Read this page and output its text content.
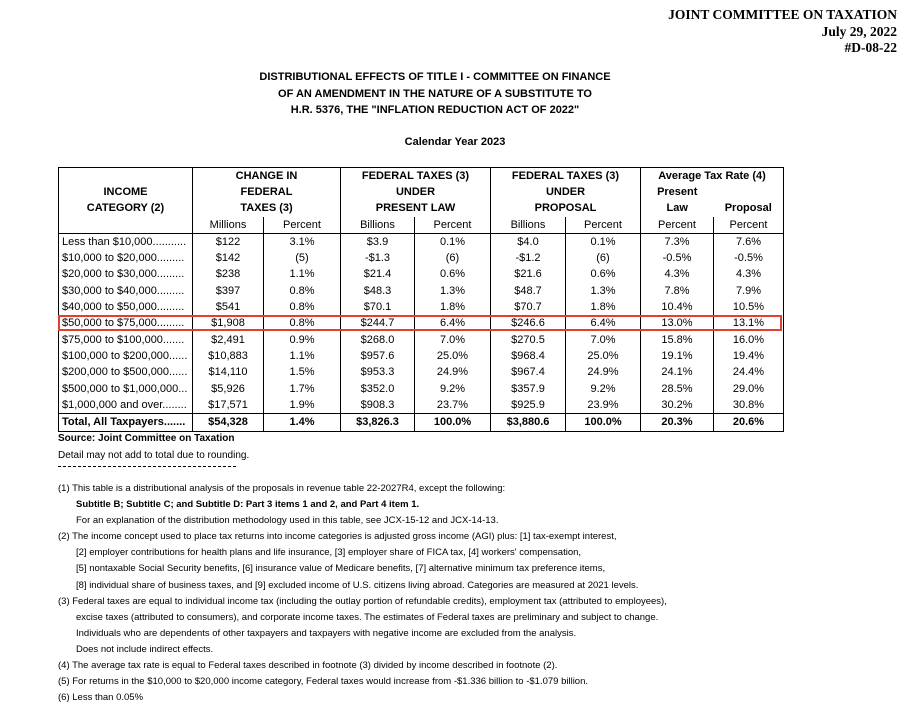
JOINT COMMITTEE ON TAXATION
July 29, 2022
#D-08-22
DISTRIBUTIONAL EFFECTS OF TITLE I - COMMITTEE ON FINANCE
OF AN AMENDMENT IN THE NATURE OF A SUBSTITUTE TO
H.R. 5376, THE "INFLATION REDUCTION ACT OF 2022"
Calendar Year 2023
	CHANGE IN		FEDERAL TAXES (3)		FEDERAL TAXES (3)		Average Tax Rate (4)	
INCOME	FEDERAL		UNDER		UNDER		Present	
CATEGORY (2)	TAXES (3)		PRESENT LAW		PROPOSAL		Law	Proposal
	Millions	Percent	Billions	Percent	Billions	Percent	Percent	Percent
Less than $10,000...........	$122	3.1%	$3.9	0.1%	$4.0	0.1%	7.3%	7.6%
$10,000 to $20,000.........	$142	(5)	-$1.3	(6)	-$1.2	(6)	-0.5%	-0.5%
$20,000 to $30,000.........	$238	1.1%	$21.4	0.6%	$21.6	0.6%	4.3%	4.3%
$30,000 to $40,000.........	$397	0.8%	$48.3	1.3%	$48.7	1.3%	7.8%	7.9%
$40,000 to $50,000.........	$541	0.8%	$70.1	1.8%	$70.7	1.8%	10.4%	10.5%
$50,000 to $75,000.........	$1,908	0.8%	$244.7	6.4%	$246.6	6.4%	13.0%	13.1%
$75,000 to $100,000.......	$2,491	0.9%	$268.0	7.0%	$270.5	7.0%	15.8%	16.0%
$100,000 to $200,000......	$10,883	1.1%	$957.6	25.0%	$968.4	25.0%	19.1%	19.4%
$200,000 to $500,000......	$14,110	1.5%	$953.3	24.9%	$967.4	24.9%	24.1%	24.4%
$500,000 to $1,000,000...	$5,926	1.7%	$352.0	9.2%	$357.9	9.2%	28.5%	29.0%
$1,000,000 and over........	$17,571	1.9%	$908.3	23.7%	$925.9	23.9%	30.2%	30.8%
Total, All Taxpayers.......	$54,328	1.4%	$3,826.3	100.0%	$3,880.6	100.0%	20.3%	20.6%
Source: Joint Committee on Taxation
Detail may not add to total due to rounding.
(1) This table is a distributional analysis of the proposals in revenue table 22-2027R4, except the following:
Subtitle B; Subtitle C; and Subtitle D: Part 3 items 1 and 2, and Part 4 item 1.
For an explanation of the distribution methodology used in this table, see JCX-15-12 and JCX-14-13.
(2) The income concept used to place tax returns into income categories is adjusted gross income (AGI) plus: [1] tax-exempt interest,
[2] employer contributions for health plans and life insurance, [3] employer share of FICA tax, [4] workers' compensation,
[5] nontaxable Social Security benefits, [6] insurance value of Medicare benefits, [7] alternative minimum tax preference items,
[8] individual share of business taxes, and [9] excluded income of U.S. citizens living abroad. Categories are measured at 2021 levels.
(3) Federal taxes are equal to individual income tax (including the outlay portion of refundable credits), employment tax (attributed to employees),
excise taxes (attributed to consumers), and corporate income taxes. The estimates of Federal taxes are preliminary and subject to change.
Individuals who are dependents of other taxpayers and taxpayers with negative income are excluded from the analysis.
Does not include indirect effects.
(4) The average tax rate is equal to Federal taxes described in footnote (3) divided by income described in footnote (2).
(5) For returns in the $10,000 to $20,000 income category, Federal taxes would increase from -$1.336 billion to -$1.079 billion.
(6) Less than 0.05%
